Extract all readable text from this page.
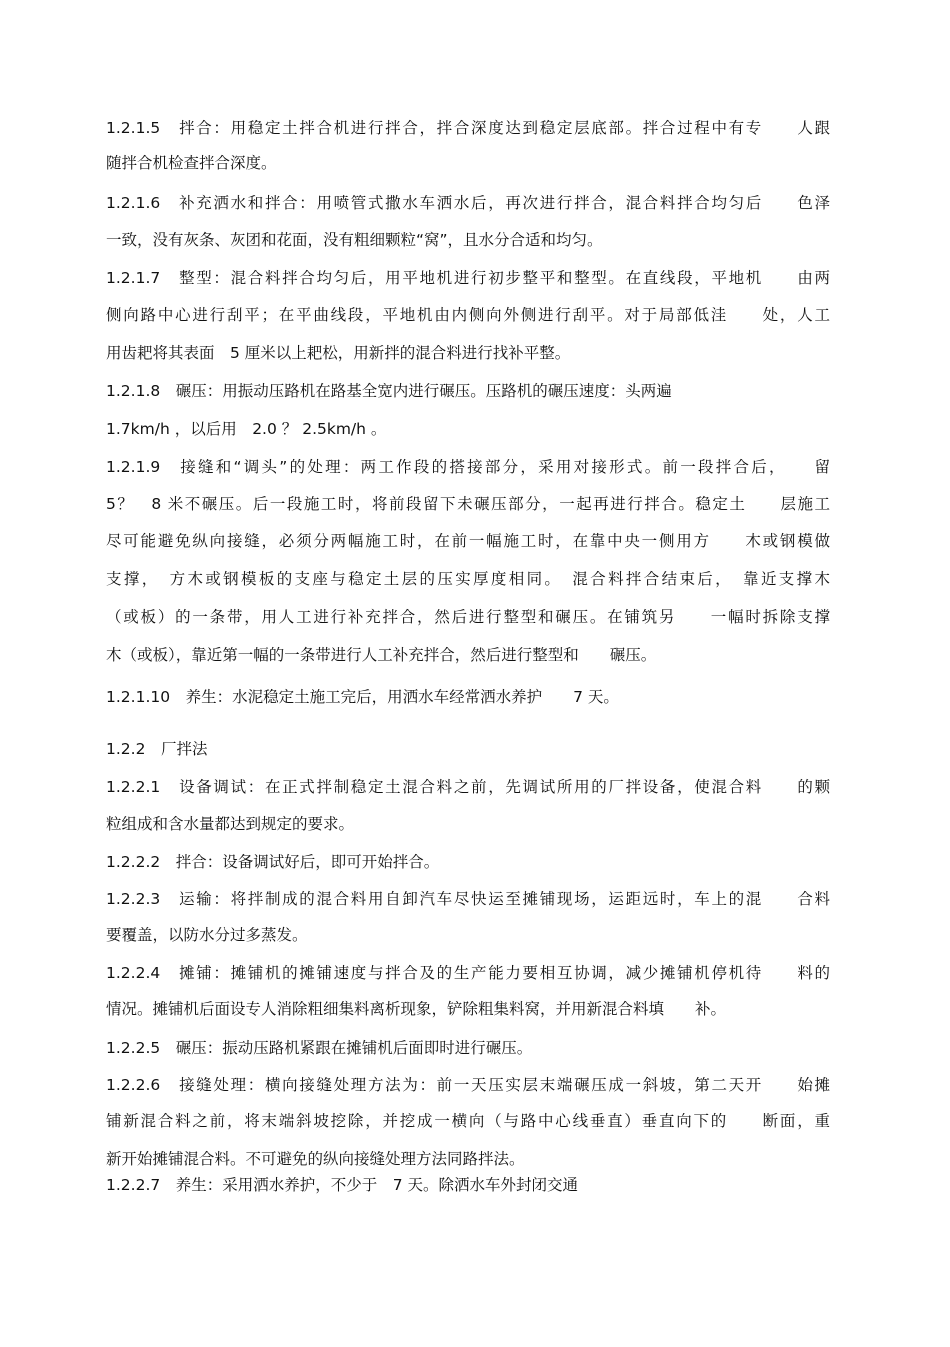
1.2.1.5　拌合：用稳定土拌合机进行拌合，拌合深度达到稳定层底部。拌合过程中有专　　人跟
随拌合机检查拌合深度。
1.2.1.6　补充洒水和拌合：用喷管式撒水车洒水后，再次进行拌合，混合料拌合均匀后　　色泽
一致，没有灰条、灰团和花面，没有粗细颗粒“窝”，且水分合适和均匀。
1.2.1.7　整型：混合料拌合均匀后，用平地机进行初步整平和整型。在直线段，平地机　　由两
侧向路中心进行刮平；在平曲线段，平地机由内侧向外侧进行刮平。对于局部低洼　　处，人工
用齿耙将其表面　5 厘米以上耙松，用新拌的混合料进行找补平整。
1.2.1.8　碾压：用振动压路机在路基全宽内进行碾压。压路机的碾压速度：头两遍
1.7km/h ，以后用　2.0 ？ 2.5km/h 。
1.2.1.9　接缝和“调头”的处理：两工作段的搭接部分，采用对接形式。前一段拌合后，　　留
5？　8 米不碾压。后一段施工时，将前段留下未碾压部分，一起再进行拌合。稳定土　　层施工
尽可能避免纵向接缝，必须分两幅施工时，在前一幅施工时，在靠中央一侧用方　　木或钢模做
支撑，　方木或钢模板的支座与稳定土层的压实厚度相同。　混合料拌合结束后，　靠近支撑木
（或板）的一条带，用人工进行补充拌合，然后进行整型和碾压。在铺筑另　　一幅时拆除支撑
木（或板），靠近第一幅的一条带进行人工补充拌合，然后进行整型和　　碾压。
1.2.1.10　养生：水泥稳定土施工完后，用洒水车经常洒水养护　　7 天。
1.2.2　厂拌法
1.2.2.1　设备调试：在正式拌制稳定土混合料之前，先调试所用的厂拌设备，使混合料　　的颗
粒组成和含水量都达到规定的要求。
1.2.2.2　拌合：设备调试好后，即可开始拌合。
1.2.2.3　运输：将拌制成的混合料用自卸汽车尽快运至摊铺现场，运距远时，车上的混　　合料
要覆盖，以防水分过多蒸发。
1.2.2.4　摊铺：摊铺机的摊铺速度与拌合及的生产能力要相互协调，减少摊铺机停机待　　料的
情况。摊铺机后面设专人消除粗细集料离析现象，铲除粗集料窝，并用新混合料填　　补。
1.2.2.5　碾压：振动压路机紧跟在摊铺机后面即时进行碾压。
1.2.2.6　接缝处理：横向接缝处理方法为：前一天压实层末端碾压成一斜坡，第二天开　　始摊
铺新混合料之前，将末端斜坡挖除，并挖成一横向（与路中心线垂直）垂直向下的　　断面，重
新开始摊铺混合料。不可避免的纵向接缝处理方法同路拌法。
1.2.2.7　养生：采用洒水养护，不少于　7 天。除洒水车外封闭交通
